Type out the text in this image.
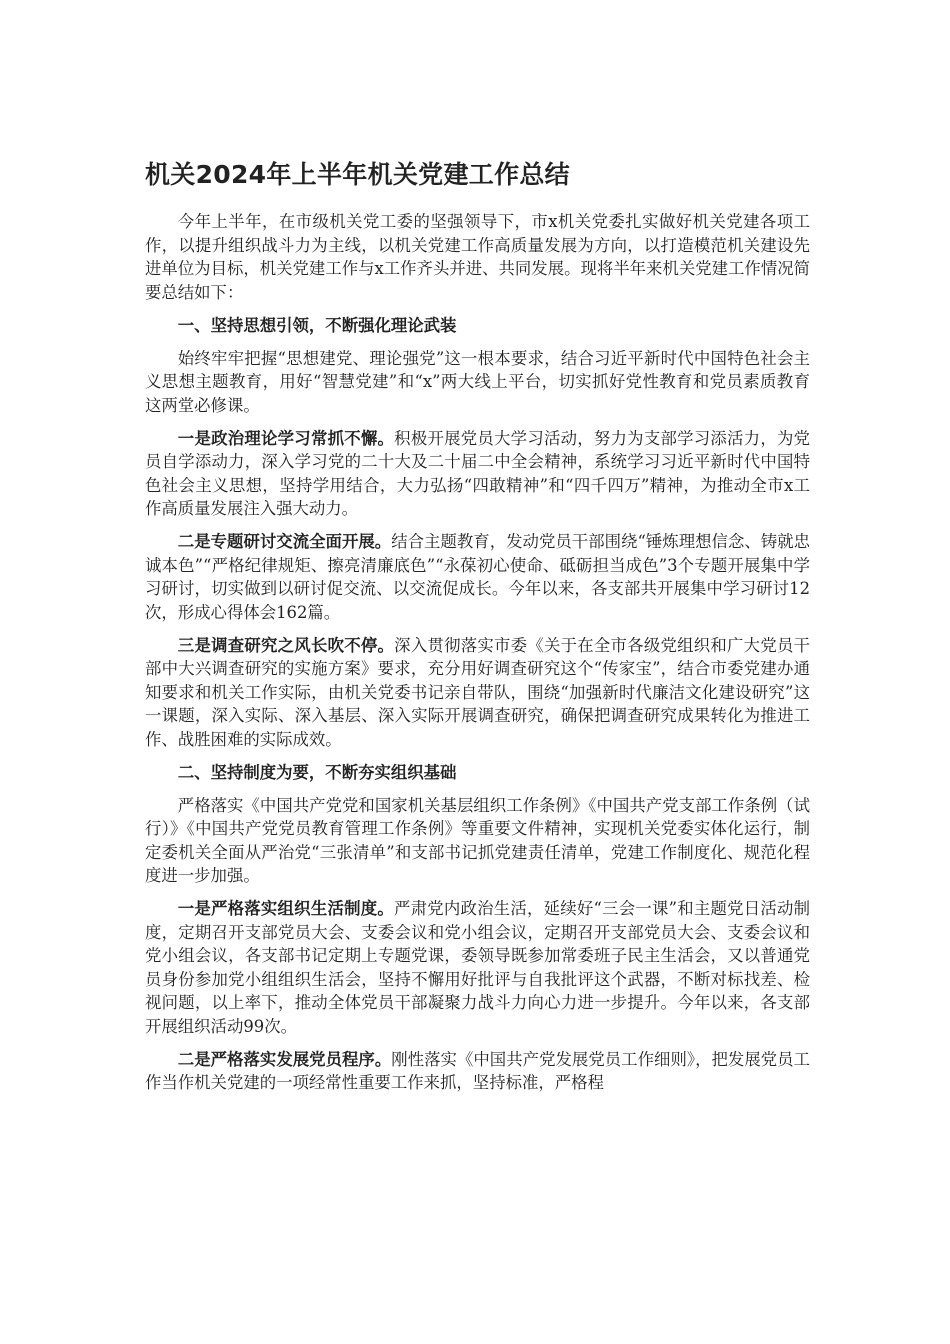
机关2024年上半年机关党建工作总结

今年上半年，在市级机关党工委的坚强领导下，市x机关党委扎实做好机关党建各项工作，以提升组织战斗力为主线，以机关党建工作高质量发展为方向，以打造模范机关建设先进单位为目标，机关党建工作与x工作齐头并进、共同发展。现将半年来机关党建工作情况简要总结如下：

一、坚持思想引领，不断强化理论武装

始终牢牢把握“思想建党、理论强党”这一根本要求，结合习近平新时代中国特色社会主义思想主题教育，用好“智慧党建”和“x”两大线上平台，切实抓好党性教育和党员素质教育这两堂必修课。

一是政治理论学习常抓不懈。积极开展党员大学习活动，努力为支部学习添活力，为党员自学添动力，深入学习党的二十大及二十届二中全会精神，系统学习习近平新时代中国特色社会主义思想，坚持学用结合，大力弘扬“四敢精神”和“四千四万”精神，为推动全市x工作高质量发展注入强大动力。

二是专题研讨交流全面开展。结合主题教育，发动党员干部围绕“锤炼理想信念、铸就忠诚本色”“严格纪律规矩、擦亮清廉底色”“永葆初心使命、砥砺担当成色”3个专题开展集中学习研讨，切实做到以研讨促交流、以交流促成长。今年以来，各支部共开展集中学习研讨12次，形成心得体会162篇。

三是调查研究之风长吹不停。深入贯彻落实市委《关于在全市各级党组织和广大党员干部中大兴调查研究的实施方案》要求，充分用好调查研究这个“传家宝”，结合市委党建办通知要求和机关工作实际，由机关党委书记亲自带队，围绕“加强新时代廉洁文化建设研究”这一课题，深入实际、深入基层、深入实际开展调查研究，确保把调查研究成果转化为推进工作、战胜困难的实际成效。

二、坚持制度为要，不断夯实组织基础

严格落实《中国共产党党和国家机关基层组织工作条例》《中国共产党支部工作条例（试行）》《中国共产党党员教育管理工作条例》等重要文件精神，实现机关党委实体化运行，制定委机关全面从严治党“三张清单”和支部书记抓党建责任清单，党建工作制度化、规范化程度进一步加强。

一是严格落实组织生活制度。严肃党内政治生活，延续好“三会一课”和主题党日活动制度，定期召开支部党员大会、支委会议和党小组会议，定期召开支部党员大会、支委会议和党小组会议，各支部书记定期上专题党课，委领导既参加常委班子民主生活会，又以普通党员身份参加党小组组织生活会，坚持不懈用好批评与自我批评这个武器，不断对标找差、检视问题，以上率下，推动全体党员干部凝聚力战斗力向心力进一步提升。今年以来，各支部开展组织活动99次。

二是严格落实发展党员程序。刚性落实《中国共产党发展党员工作细则》，把发展党员工作当作机关党建的一项经常性重要工作来抓，坚持标准，严格程
